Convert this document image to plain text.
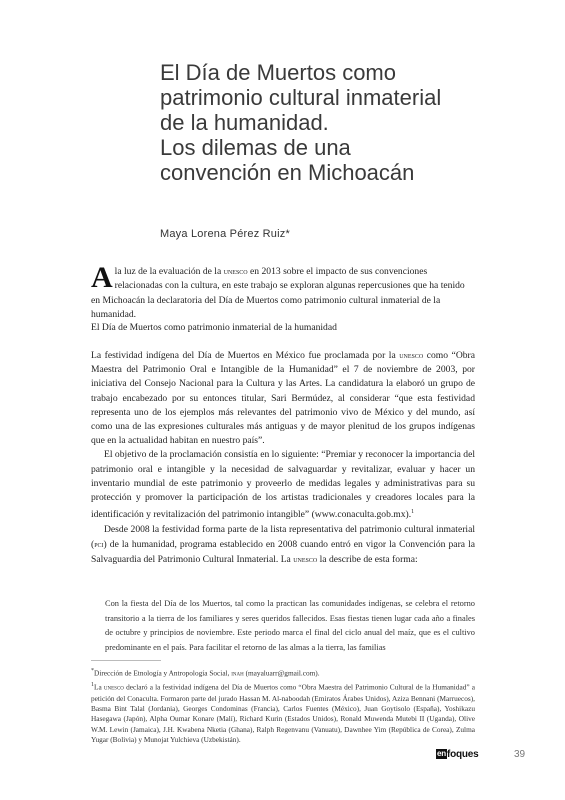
El Día de Muertos como
patrimonio cultural inmaterial
de la humanidad.
Los dilemas de una
convención en Michoacán
Maya Lorena Pérez Ruiz*
A la luz de la evaluación de la unesco en 2013 sobre el impacto de sus convenciones relacionadas con la cultura, en este trabajo se exploran algunas repercusiones que ha tenido en Michoacán la declaratoria del Día de Muertos como patrimonio cultural inmaterial de la humanidad.
El Día de Muertos como patrimonio inmaterial de la humanidad

La festividad indígena del Día de Muertos en México fue proclamada por la unesco como “Obra Maestra del Patrimonio Oral e Intangible de la Humanidad” el 7 de noviembre de 2003, por iniciativa del Consejo Nacional para la Cultura y las Artes. La candidatura la elaboró un grupo de trabajo encabezado por su entonces titular, Sari Bermúdez, al considerar “que esta festividad representa uno de los ejemplos más relevantes del patrimonio vivo de México y del mundo, así como una de las expresiones culturales más antiguas y de mayor plenitud de los grupos indígenas que en la actualidad habitan en nuestro país”.

El objetivo de la proclamación consistía en lo siguiente: “Premiar y reconocer la importancia del patrimonio oral e intangible y la necesidad de salvaguardar y revitalizar, evaluar y hacer un inventario mundial de este patrimonio y proveerlo de medidas legales y administrativas para su protección y promover la participación de los artistas tradicionales y creadores locales para la identificación y revitalización del patrimonio intangible” (www.conaculta.gob.mx).$^1$

Desde 2008 la festividad forma parte de la lista representativa del patrimonio cultural inmaterial (pci) de la humanidad, programa establecido en 2008 cuando entró en vigor la Convención para la Salvaguardia del Patrimonio Cultural Inmaterial. La unesco la describe de esta forma:

Con la fiesta del Día de los Muertos, tal como la practican las comunidades indígenas, se celebra el retorno transitorio a la tierra de los familiares y seres queridos fallecidos. Esas fiestas tienen lugar cada año a finales de octubre y principios de noviembre. Este periodo marca el final del ciclo anual del maíz, que es el cultivo predominante en el país. Para facilitar el retorno de las almas a la tierra, las familias

*Dirección de Etnología y Antropología Social, inah (mayaluarr@gmail.com).

$^1$La unesco declaró a la festividad indígena del Día de Muertos como “Obra Maestra del Patrimonio Cultural de la Humanidad” a petición del Conaculta. Formaron parte del jurado Hassan M. Al-naboodah (Emiratos Árabes Unidos), Aziza Bennani (Marruecos), Basma Bint Talal (Jordania), Georges Condominas (Francia), Carlos Fuentes (México), Juan Goytisolo (España), Yoshikazu Hasegawa (Japón), Alpha Oumar Konare (Malí), Richard Kurin (Estados Unidos), Ronald Muwenda Mutebi II (Uganda), Olive W.M. Lewin (Jamaica), J.H. Kwabena Nketia (Ghana), Ralph Regenvanu (Vanuatu), Dawnhee Yim (República de Corea), Zulma Yugar (Bolivia) y Munojat Yulchieva (Uzbekistán).

enfoques	39
